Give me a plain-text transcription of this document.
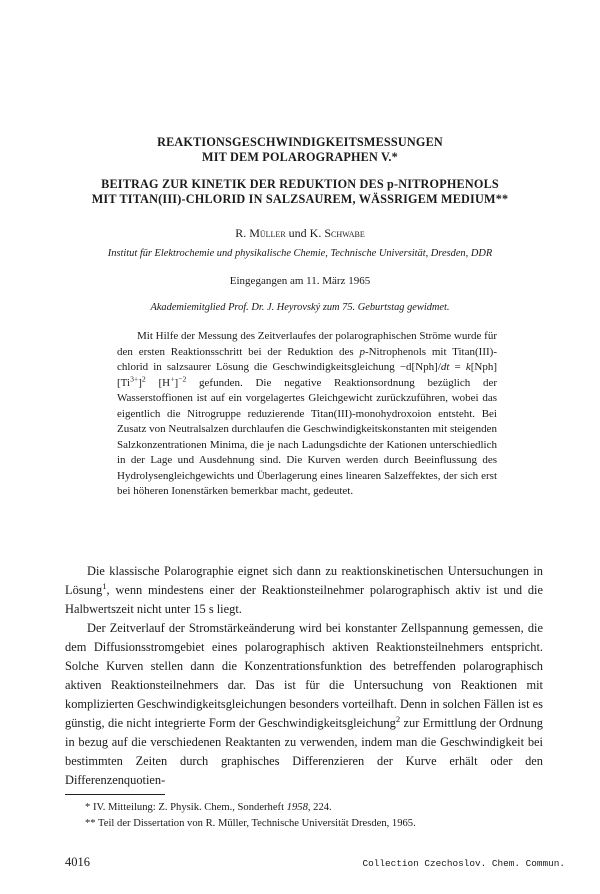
REAKTIONSGESCHWINDIGKEITSMESSUNGEN
MIT DEM POLAROGRAPHEN V.*
BEITRAG ZUR KINETIK DER REDUKTION DES p-NITROPHENOLS
MIT TITAN(III)-CHLORID IN SALZSAUREM, WÄSSRIGEM MEDIUM**
R. Müller und K. Schwabe
Institut für Elektrochemie und physikalische Chemie, Technische Universität, Dresden, DDR
Eingegangen am 11. März 1965
Akademiemitglied Prof. Dr. J. Heyrovský zum 75. Geburtstag gewidmet.

Mit Hilfe der Messung des Zeitverlaufes der polarographischen Ströme wurde für den ersten Reaktionsschritt bei der Reduktion des p-Nitrophenols mit Titan(III)-chlorid in salzsaurer Lösung die Geschwindigkeitsgleichung $-d[Nph]/dt = k[Nph][Ti^{3+}]^2$ $[H^+]^{-2}$ gefunden. Die negative Reaktionsordnung bezüglich der Wasserstoffionen ist auf ein vorgelagertes Gleichgewicht zurückzuführen, wobei das eigentlich die Nitrogruppe reduzierende Titan(III)-monohydroxoion entsteht. Bei Zusatz von Neutralsalzen durchlaufen die Geschwindigkeitskonstanten mit steigenden Salzkonzentrationen Minima, die je nach Ladungsdichte der Kationen unterschiedlich in der Lage und Ausdehnung sind. Die Kurven werden durch Beeinflussung des Hydrolysengleichgewichts und Überlagerung eines linearen Salzeffektes, der sich erst bei höheren Ionenstärken bemerkbar macht, gedeutet.

Die klassische Polarographie eignet sich dann zu reaktionskinetischen Untersuchungen in Lösung$^1$, wenn mindestens einer der Reaktionsteilnehmer polarographisch aktiv ist und die Halbwertszeit nicht unter 15 s liegt.

Der Zeitverlauf der Stromstärkeänderung wird bei konstanter Zellspannung gemessen, die dem Diffusionsstromgebiet eines polarographisch aktiven Reaktionsteilnehmers entspricht. Solche Kurven stellen dann die Konzentrationsfunktion des betreffenden polarographisch aktiven Reaktionsteilnehmers dar. Das ist für die Untersuchung von Reaktionen mit komplizierten Geschwindigkeitsgleichungen besonders vorteilhaft. Denn in solchen Fällen ist es günstig, die nicht integrierte Form der Geschwindigkeitsgleichung$^2$ zur Ermittlung der Ordnung in bezug auf die verschiedenen Reaktanten zu verwenden, indem man die Geschwindigkeit bei bestimmten Zeiten durch graphisches Differenzieren der Kurve erhält oder den Differenzenquotien-

* IV. Mitteilung: Z. Physik. Chem., Sonderheft 1958, 224.
** Teil der Dissertation von R. Müller, Technische Universität Dresden, 1965.
4016	Collection Czechoslov. Chem. Commun.
